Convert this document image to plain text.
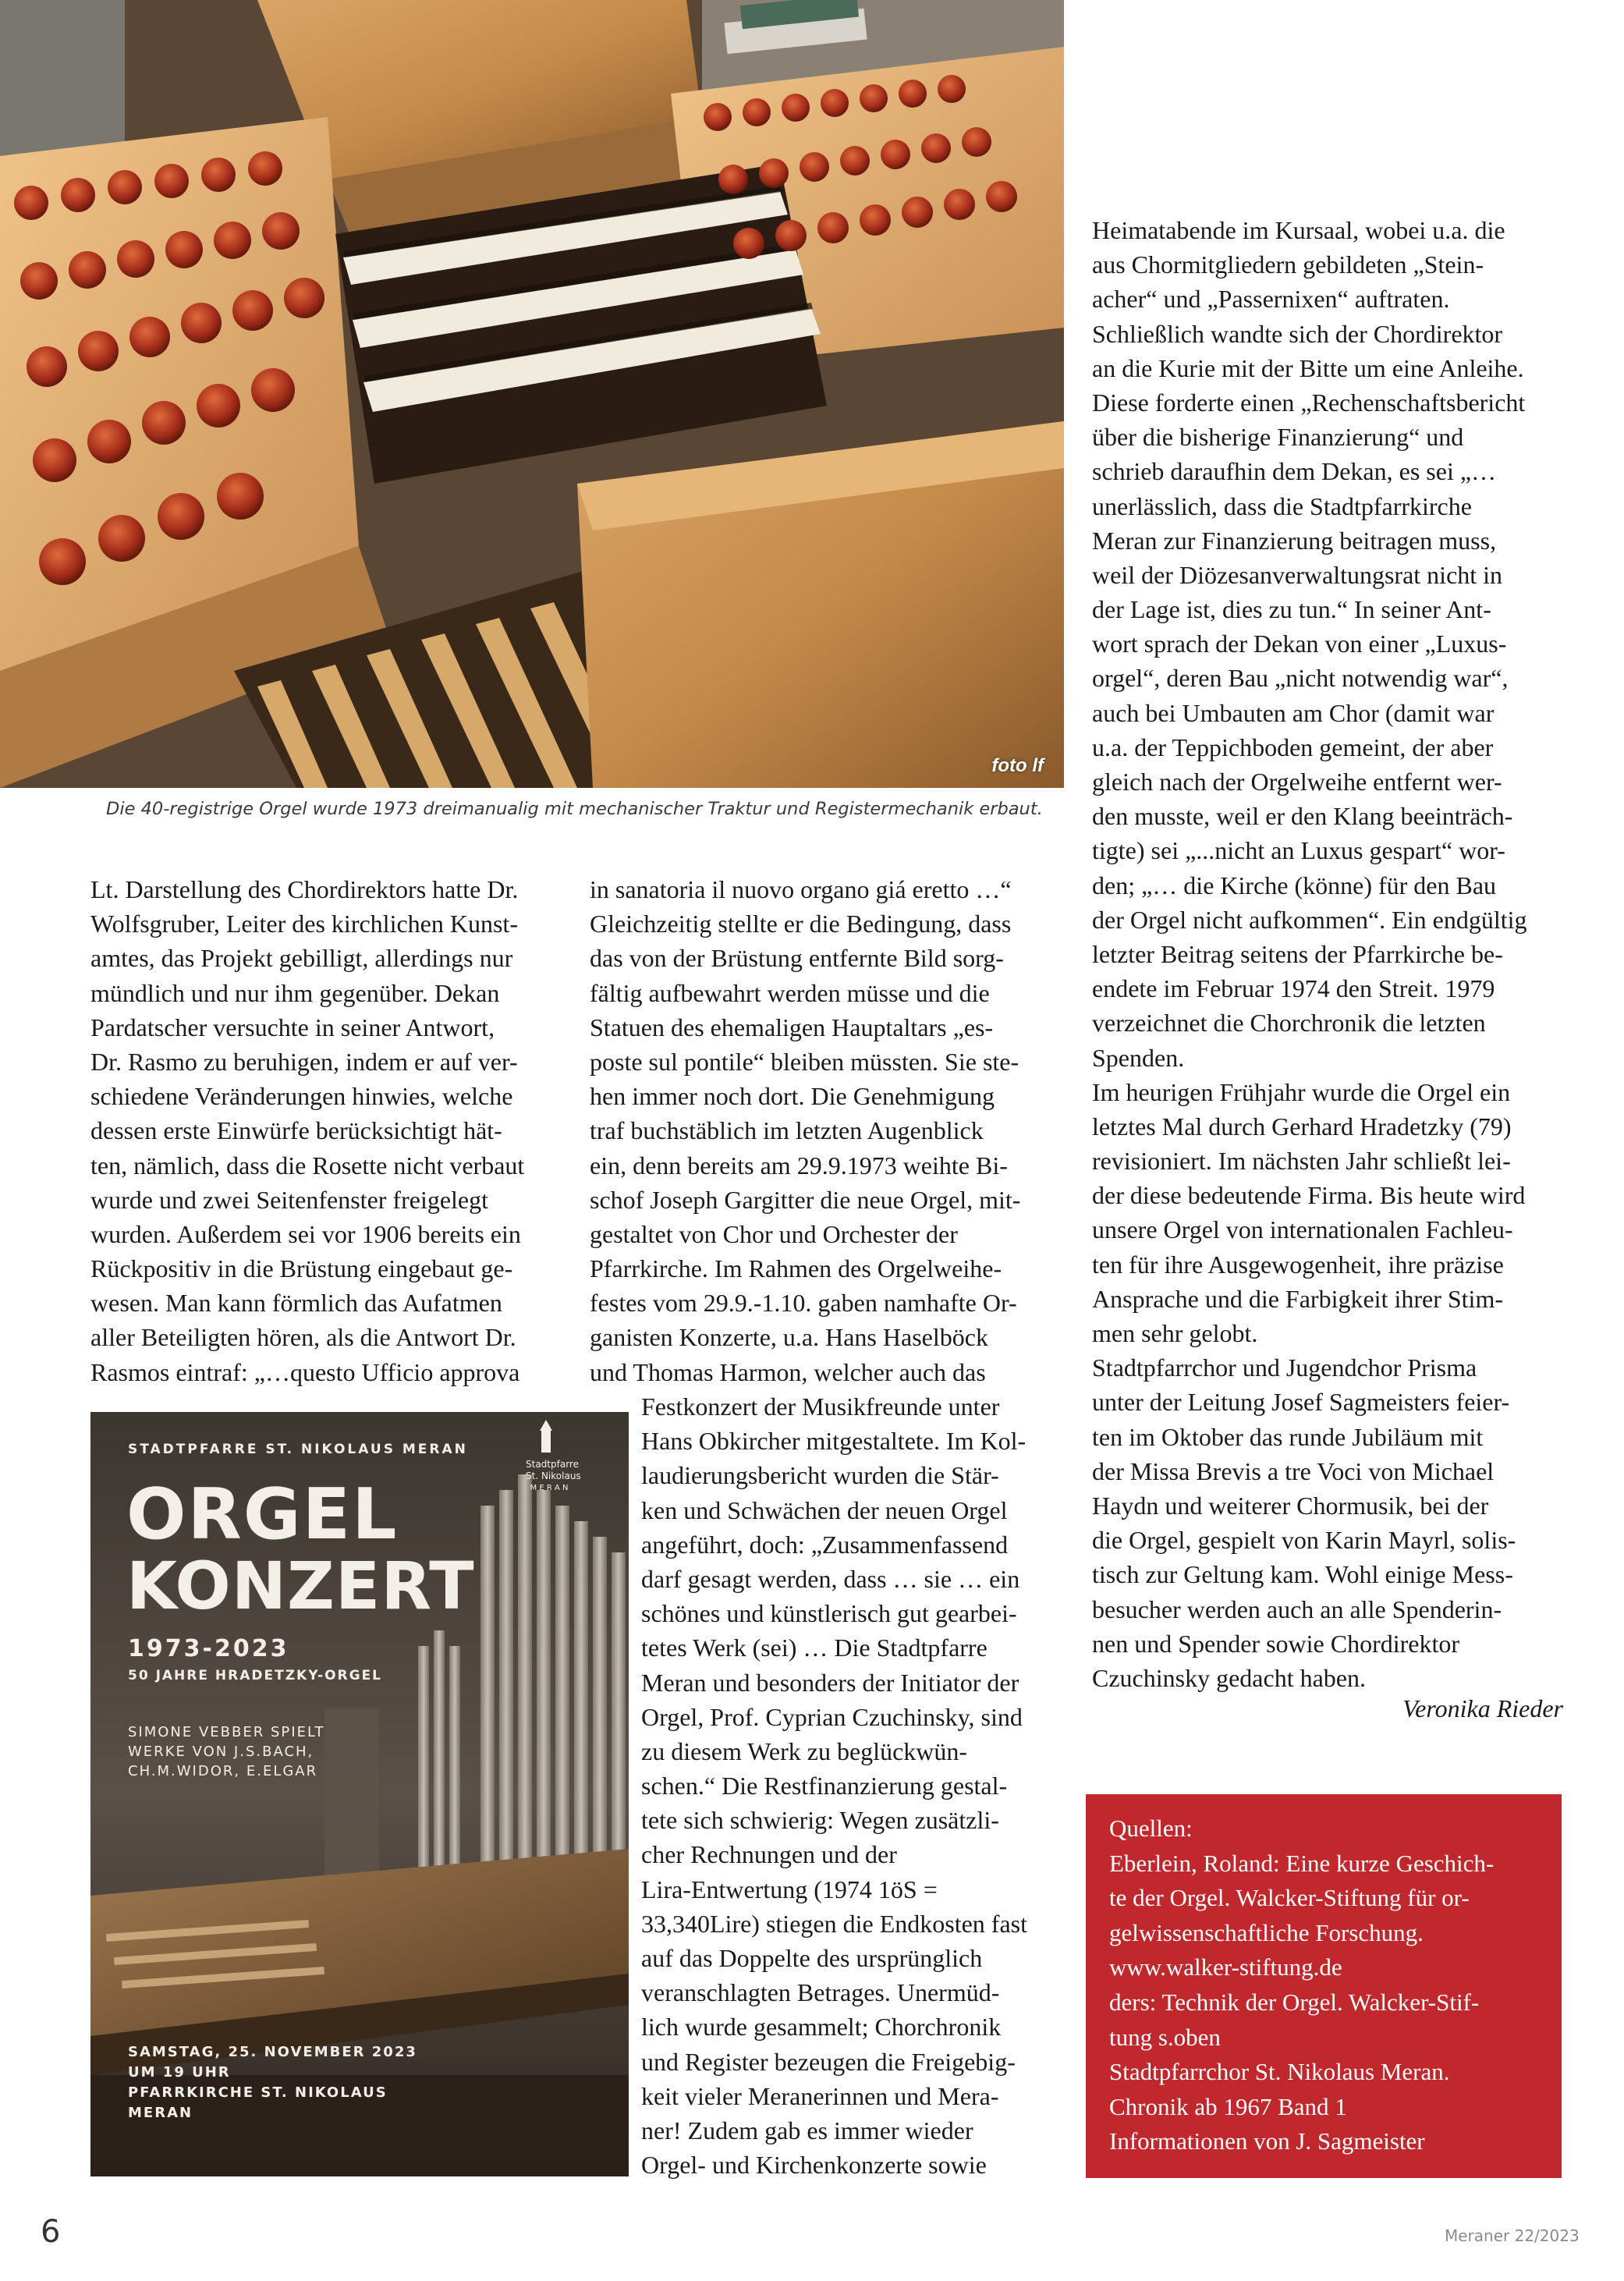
foto lf
Die 40-registrige Orgel wurde 1973 dreimanualig mit mechanischer Traktur und Registermechanik erbaut.
Lt. Darstellung des Chordirektors hatte Dr.
Wolfsgruber, Leiter des kirchlichen Kunst-
amtes, das Projekt gebilligt, allerdings nur
mündlich und nur ihm gegenüber. Dekan
Pardatscher versuchte in seiner Antwort,
Dr. Rasmo zu beruhigen, indem er auf ver-
schiedene Veränderungen hinwies, welche
dessen erste Einwürfe berücksichtigt hät-
ten, nämlich, dass die Rosette nicht verbaut
wurde und zwei Seitenfenster freigelegt
wurden. Außerdem sei vor 1906 bereits ein
Rückpositiv in die Brüstung eingebaut ge-
wesen. Man kann förmlich das Aufatmen
aller Beteiligten hören, als die Antwort Dr.
Rasmos eintraf: „…questo Ufficio approva
in sanatoria il nuovo organo giá eretto …“
Gleichzeitig stellte er die Bedingung, dass
das von der Brüstung entfernte Bild sorg-
fältig aufbewahrt werden müsse und die
Statuen des ehemaligen Hauptaltars „es-
poste sul pontile“ bleiben müssten. Sie ste-
hen immer noch dort. Die Genehmigung
traf buchstäblich im letzten Augenblick
ein, denn bereits am 29.9.1973 weihte Bi-
schof Joseph Gargitter die neue Orgel, mit-
gestaltet von Chor und Orchester der
Pfarrkirche. Im Rahmen des Orgelweihe-
festes vom 29.9.-1.10. gaben namhafte Or-
ganisten Konzerte, u.a. Hans Haselböck
und Thomas Harmon, welcher auch das
Festkonzert der Musikfreunde unter
Hans Obkircher mitgestaltete. Im Kol-
laudierungsbericht wurden die Stär-
ken und Schwächen der neuen Orgel
angeführt, doch: „Zusammenfassend
darf gesagt werden, dass … sie … ein
schönes und künstlerisch gut gearbei-
tetes Werk (sei) … Die Stadtpfarre
Meran und besonders der Initiator der
Orgel, Prof. Cyprian Czuchinsky, sind
zu diesem Werk zu beglückwün-
schen.“ Die Restfinanzierung gestal-
tete sich schwierig: Wegen zusätzli-
cher Rechnungen und der
Lira-Entwertung (1974 1öS =
33,340Lire) stiegen die Endkosten fast
auf das Doppelte des ursprünglich
veranschlagten Betrages. Unermüd-
lich wurde gesammelt; Chorchronik
und Register bezeugen die Freigebig-
keit vieler Meranerinnen und Mera-
ner! Zudem gab es immer wieder
Orgel- und Kirchenkonzerte sowie
Heimatabende im Kursaal, wobei u.a. die
aus Chormitgliedern gebildeten „Stein-
acher“ und „Passernixen“ auftraten.
Schließlich wandte sich der Chordirektor
an die Kurie mit der Bitte um eine Anleihe.
Diese forderte einen „Rechenschaftsbericht
über die bisherige Finanzierung“ und
schrieb daraufhin dem Dekan, es sei „…
unerlässlich, dass die Stadtpfarrkirche
Meran zur Finanzierung beitragen muss,
weil der Diözesanverwaltungsrat nicht in
der Lage ist, dies zu tun.“ In seiner Ant-
wort sprach der Dekan von einer „Luxus-
orgel“, deren Bau „nicht notwendig war“,
auch bei Umbauten am Chor (damit war
u.a. der Teppichboden gemeint, der aber
gleich nach der Orgelweihe entfernt wer-
den musste, weil er den Klang beeinträch-
tigte) sei „...nicht an Luxus gespart“ wor-
den; „… die Kirche (könne) für den Bau
der Orgel nicht aufkommen“. Ein endgültig
letzter Beitrag seitens der Pfarrkirche be-
endete im Februar 1974 den Streit. 1979
verzeichnet die Chorchronik die letzten
Spenden.
Im heurigen Frühjahr wurde die Orgel ein
letztes Mal durch Gerhard Hradetzky (79)
revisioniert. Im nächsten Jahr schließt lei-
der diese bedeutende Firma. Bis heute wird
unsere Orgel von internationalen Fachleu-
ten für ihre Ausgewogenheit, ihre präzise
Ansprache und die Farbigkeit ihrer Stim-
men sehr gelobt.
Stadtpfarrchor und Jugendchor Prisma
unter der Leitung Josef Sagmeisters feier-
ten im Oktober das runde Jubiläum mit
der Missa Brevis a tre Voci von Michael
Haydn und weiterer Chormusik, bei der
die Orgel, gespielt von Karin Mayrl, solis-
tisch zur Geltung kam. Wohl einige Mess-
besucher werden auch an alle Spenderin-
nen und Spender sowie Chordirektor
Czuchinsky gedacht haben.
Veronika Rieder
STADTPFARRE ST. NIKOLAUS MERAN
Stadtpfarre
St. Nikolaus
M E R A N
ORGEL
KONZERT
1973-2023
50 JAHRE HRADETZKY-ORGEL
SIMONE VEBBER SPIELT
WERKE VON J.S.BACH,
CH.M.WIDOR, E.ELGAR
SAMSTAG, 25. NOVEMBER 2023
UM 19 UHR
PFARRKIRCHE ST. NIKOLAUS
MERAN
Quellen:
Eberlein, Roland: Eine kurze Geschich-
te der Orgel. Walcker-Stiftung für or-
gelwissenschaftliche Forschung.
www.walker-stiftung.de
ders: Technik der Orgel. Walcker-Stif-
tung s.oben
Stadtpfarrchor St. Nikolaus Meran.
Chronik ab 1967 Band 1
Informationen von J. Sagmeister
6	Meraner 22/2023
